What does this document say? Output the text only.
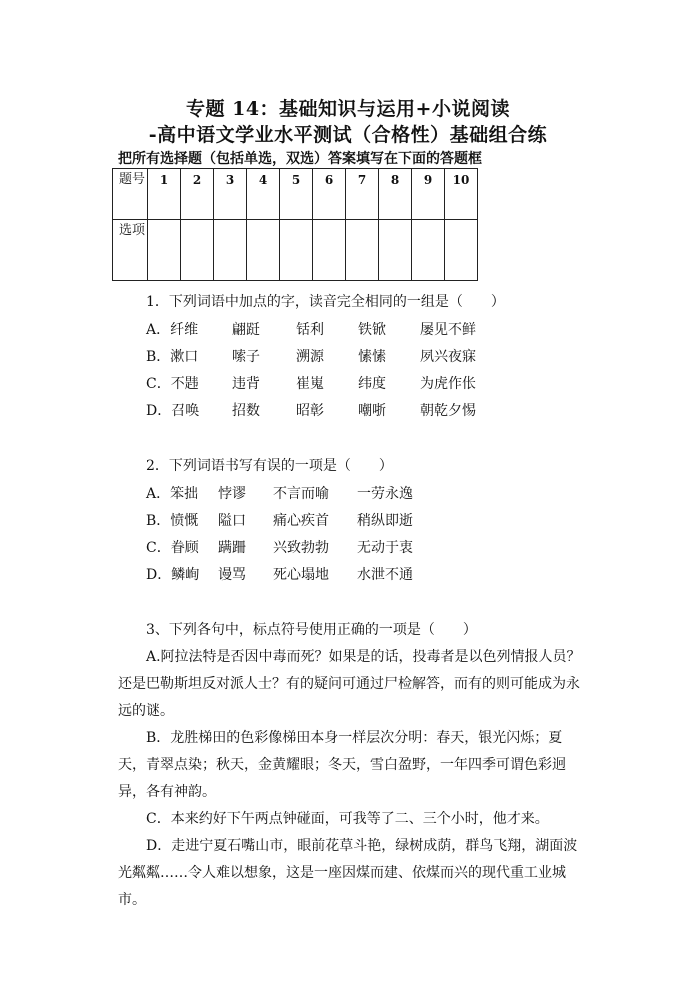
专题 14：基础知识与运用+小说阅读
-高中语文学业水平测试（合格性）基础组合练
把所有选择题（包括单选，双选）答案填写在下面的答题框
题号	1	2	3	4	5	6	7	8	9	10
选项										
1．下列词语中加点的字，读音完全相同的一组是（　　）
A．纤维 翩跹	铦利 铁锨 屡见不鲜
B．漱口 嗦子	溯源 愫愫 夙兴夜寐
C．不韪 违背	崔嵬 纬度 为虎作伥
D．召唤 招数	昭彰 嘲哳 朝乾夕惕
2．下列词语书写有误的一项是（　　）
A．笨拙 悖谬 不言而喻 一劳永逸
B．愤慨 隘口 痛心疾首 稍纵即逝
C．眷顾 蹒跚 兴致勃勃 无动于衷
D．鳞峋 谩骂 死心塌地 水泄不通
3、下列各句中，标点符号使用正确的一项是（　　）
A.阿拉法特是否因中毒而死？如果是的话，投毒者是以色列情报人员？还是巴勒斯坦反对派人士？有的疑问可通过尸检解答，而有的则可能成为永远的谜。
B．龙胜梯田的色彩像梯田本身一样层次分明：春天，银光闪烁；夏天，青翠点染；秋天，金黄耀眼；冬天，雪白盈野，一年四季可谓色彩迥异，各有神韵。
C．本来约好下午两点钟碰面，可我等了二、三个小时，他才来。
D．走进宁夏石嘴山市，眼前花草斗艳，绿树成荫，群鸟飞翔，湖面波光粼粼……令人难以想象，这是一座因煤而建、依煤而兴的现代重工业城市。
